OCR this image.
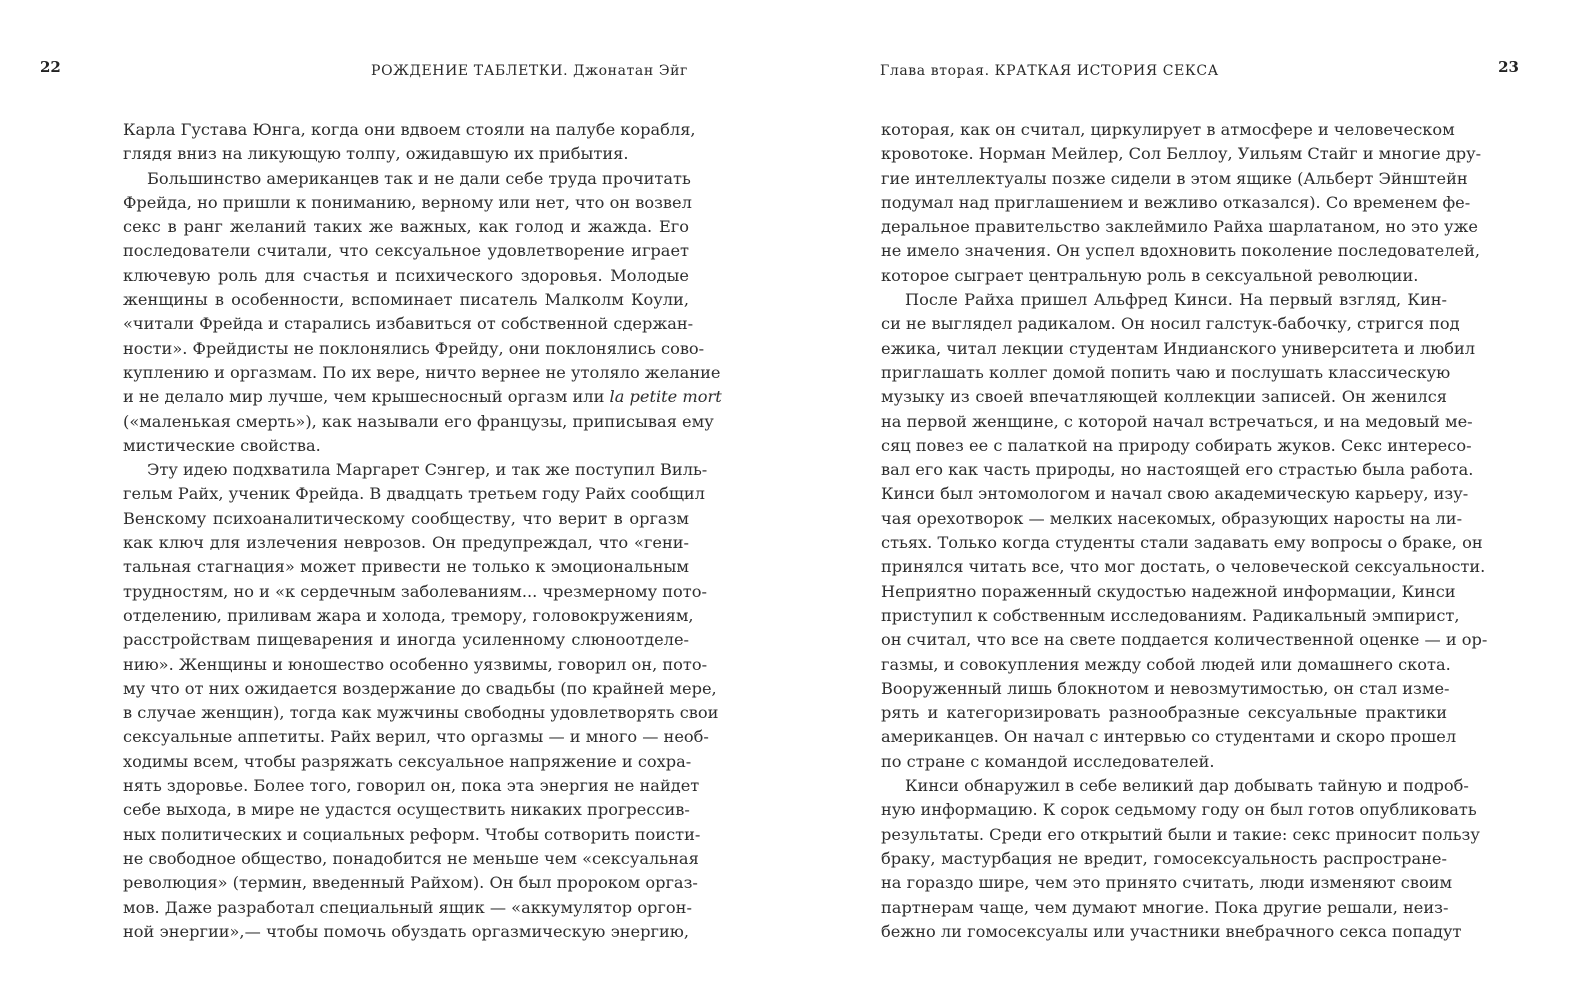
22	РОЖДЕНИЕ ТАБЛЕТКИ. Джонатан Эйг
Карла Густава Юнга, когда они вдвоем стояли на палубе корабля,
глядя вниз на ликующую толпу, ожидавшую их прибытия.
Большинство американцев так и не дали себе труда прочитать
Фрейда, но пришли к пониманию, верному или нет, что он возвел
секс в ранг желаний таких же важных, как голод и жажда. Его
последователи считали, что сексуальное удовлетворение играет
ключевую роль для счастья и психического здоровья. Молодые
женщины в особенности, вспоминает писатель Малколм Коули,
«читали Фрейда и старались избавиться от собственной сдержан-
ности». Фрейдисты не поклонялись Фрейду, они поклонялись сово-
куплению и оргазмам. По их вере, ничто вернее не утоляло желание
и не делало мир лучше, чем крышесносный оргазм или la petite mort
(«маленькая смерть»), как называли его французы, приписывая ему
мистические свойства.
Эту идею подхватила Маргарет Сэнгер, и так же поступил Виль-
гельм Райх, ученик Фрейда. В двадцать третьем году Райх сообщил
Венскому психоаналитическому сообществу, что верит в оргазм
как ключ для излечения неврозов. Он предупреждал, что «гени-
тальная стагнация» может привести не только к эмоциональным
трудностям, но и «к сердечным заболеваниям... чрезмерному пото-
отделению, приливам жара и холода, тремору, головокружениям,
расстройствам пищеварения и иногда усиленному слюноотделе-
нию». Женщины и юношество особенно уязвимы, говорил он, пото-
му что от них ожидается воздержание до свадьбы (по крайней мере,
в случае женщин), тогда как мужчины свободны удовлетворять свои
сексуальные аппетиты. Райх верил, что оргазмы — и много — необ-
ходимы всем, чтобы разряжать сексуальное напряжение и сохра-
нять здоровье. Более того, говорил он, пока эта энергия не найдет
себе выхода, в мире не удастся осуществить никаких прогрессив-
ных политических и социальных реформ. Чтобы сотворить поисти-
не свободное общество, понадобится не меньше чем «сексуальная
революция» (термин, введенный Райхом). Он был пророком оргаз-
мов. Даже разработал специальный ящик — «аккумулятор оргон-
ной энергии»,— чтобы помочь обуздать оргазмическую энергию,
Глава вторая. КРАТКАЯ ИСТОРИЯ СЕКСА	23
которая, как он считал, циркулирует в атмосфере и человеческом
кровотоке. Норман Мейлер, Сол Беллоу, Уильям Стайг и многие дру-
гие интеллектуалы позже сидели в этом ящике (Альберт Эйнштейн
подумал над приглашением и вежливо отказался). Со временем фе-
деральное правительство заклеймило Райха шарлатаном, но это уже
не имело значения. Он успел вдохновить поколение последователей,
которое сыграет центральную роль в сексуальной революции.
После Райха пришел Альфред Кинси. На первый взгляд, Кин-
си не выглядел радикалом. Он носил галстук-бабочку, стригся под
ежика, читал лекции студентам Индианского университета и любил
приглашать коллег домой попить чаю и послушать классическую
музыку из своей впечатляющей коллекции записей. Он женился
на первой женщине, с которой начал встречаться, и на медовый ме-
сяц повез ее с палаткой на природу собирать жуков. Секс интересо-
вал его как часть природы, но настоящей его страстью была работа.
Кинси был энтомологом и начал свою академическую карьеру, изу-
чая орехотворок — мелких насекомых, образующих наросты на ли-
стьях. Только когда студенты стали задавать ему вопросы о браке, он
принялся читать все, что мог достать, о человеческой сексуальности.
Неприятно пораженный скудостью надежной информации, Кинси
приступил к собственным исследованиям. Радикальный эмпирист,
он считал, что все на свете поддается количественной оценке — и ор-
газмы, и совокупления между собой людей или домашнего скота.
Вооруженный лишь блокнотом и невозмутимостью, он стал изме-
рять и категоризировать разнообразные сексуальные практики
американцев. Он начал с интервью со студентами и скоро прошел
по стране с командой исследователей.
Кинси обнаружил в себе великий дар добывать тайную и подроб-
ную информацию. К сорок седьмому году он был готов опубликовать
результаты. Среди его открытий были и такие: секс приносит пользу
браку, мастурбация не вредит, гомосексуальность распростране-
на гораздо шире, чем это принято считать, люди изменяют своим
партнерам чаще, чем думают многие. Пока другие решали, неиз-
бежно ли гомосексуалы или участники внебрачного секса попадут
